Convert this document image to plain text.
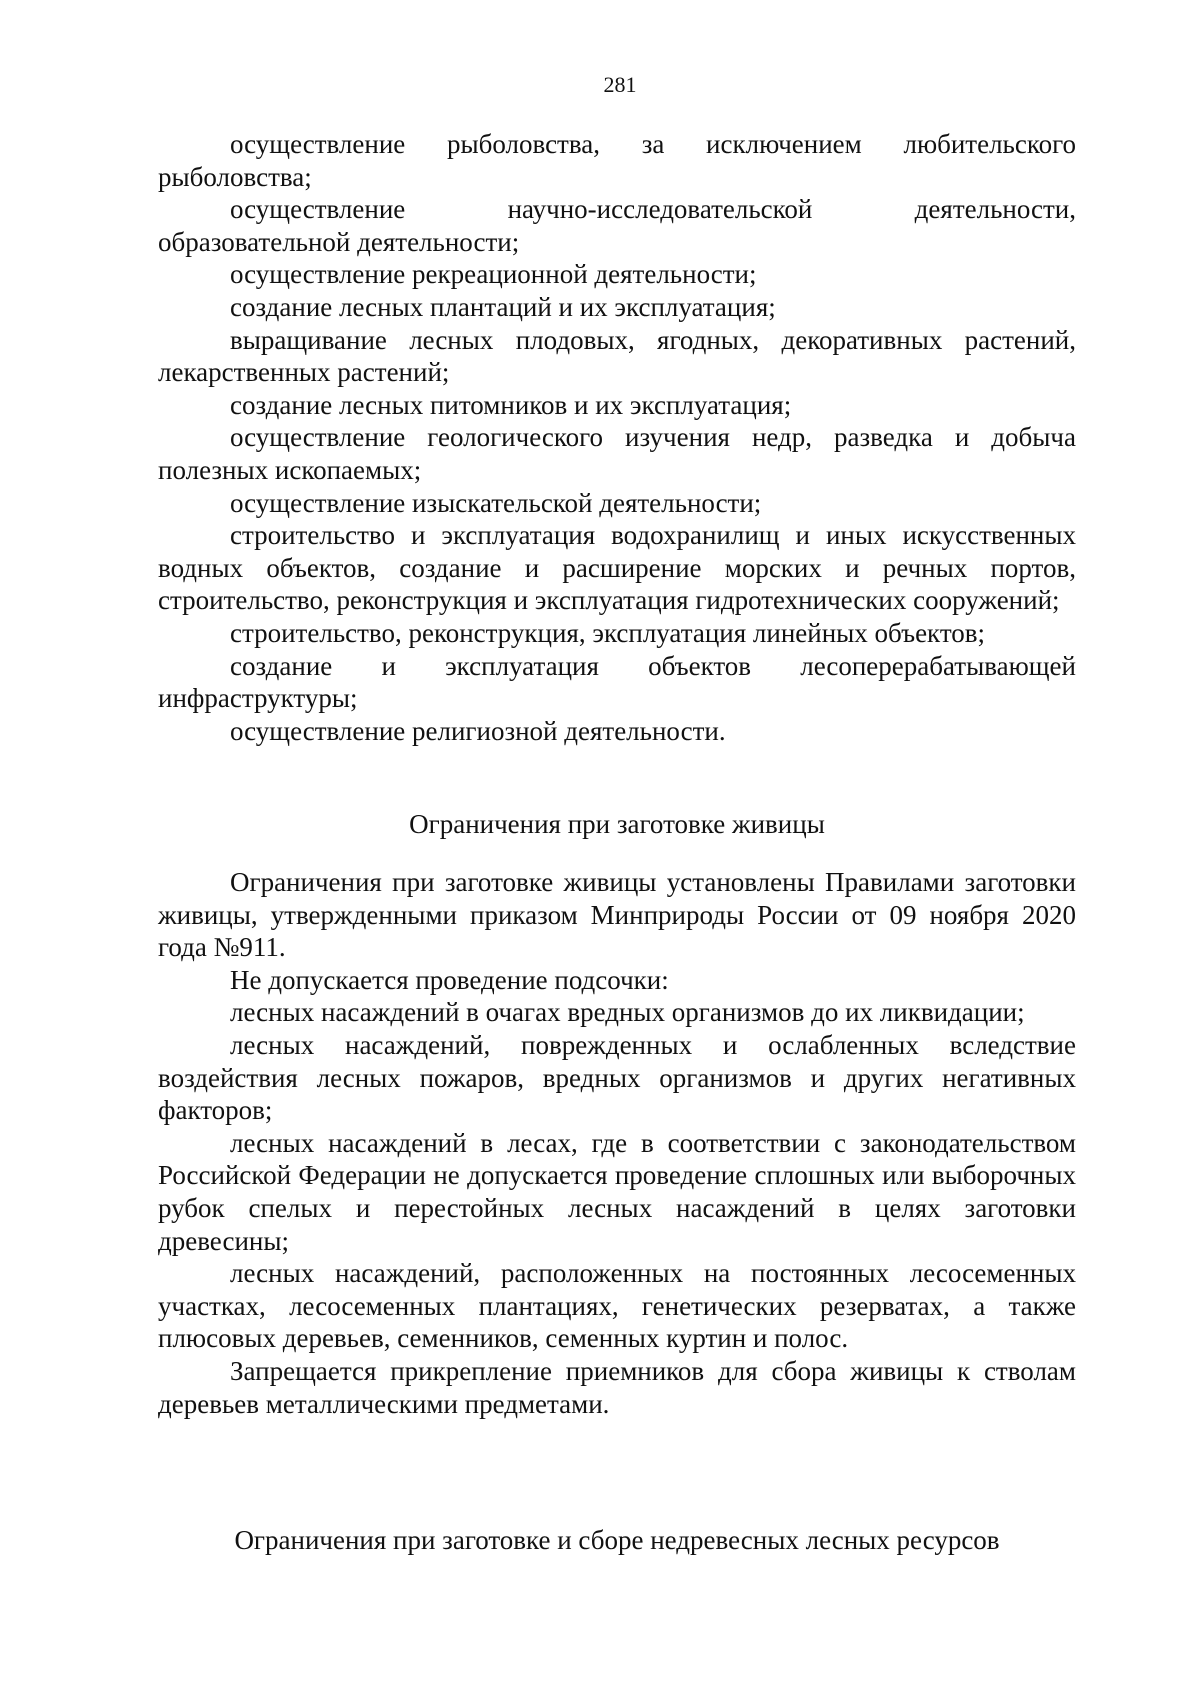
281

осуществление рыболовства, за исключением любительского рыболовства;

осуществление научно-исследовательской деятельности, образовательной деятельности;

осуществление рекреационной деятельности;

создание лесных плантаций и их эксплуатация;

выращивание лесных плодовых, ягодных, декоративных растений, лекарственных растений;

создание лесных питомников и их эксплуатация;

осуществление геологического изучения недр, разведка и добыча полезных ископаемых;

осуществление изыскательской деятельности;

строительство и эксплуатация водохранилищ и иных искусственных водных объектов, создание и расширение морских и речных портов, строительство, реконструкция и эксплуатация гидротехнических сооружений;

строительство, реконструкция, эксплуатация линейных объектов;

создание и эксплуатация объектов лесоперерабатывающей инфраструктуры;

осуществление религиозной деятельности.

Ограничения при заготовке живицы

Ограничения при заготовке живицы установлены Правилами заготовки живицы, утвержденными приказом Минприроды России от 09 ноября 2020 года №911.

Не допускается проведение подсочки:

лесных насаждений в очагах вредных организмов до их ликвидации;

лесных насаждений, поврежденных и ослабленных вследствие воздействия лесных пожаров, вредных организмов и других негативных факторов;

лесных насаждений в лесах, где в соответствии с законодательством Российской Федерации не допускается проведение сплошных или выборочных рубок спелых и перестойных лесных насаждений в целях заготовки древесины;

лесных насаждений, расположенных на постоянных лесосеменных участках, лесосеменных плантациях, генетических резерватах, а также плюсовых деревьев, семенников, семенных куртин и полос.

Запрещается прикрепление приемников для сбора живицы к стволам деревьев металлическими предметами.

Ограничения при заготовке и сборе недревесных лесных ресурсов
